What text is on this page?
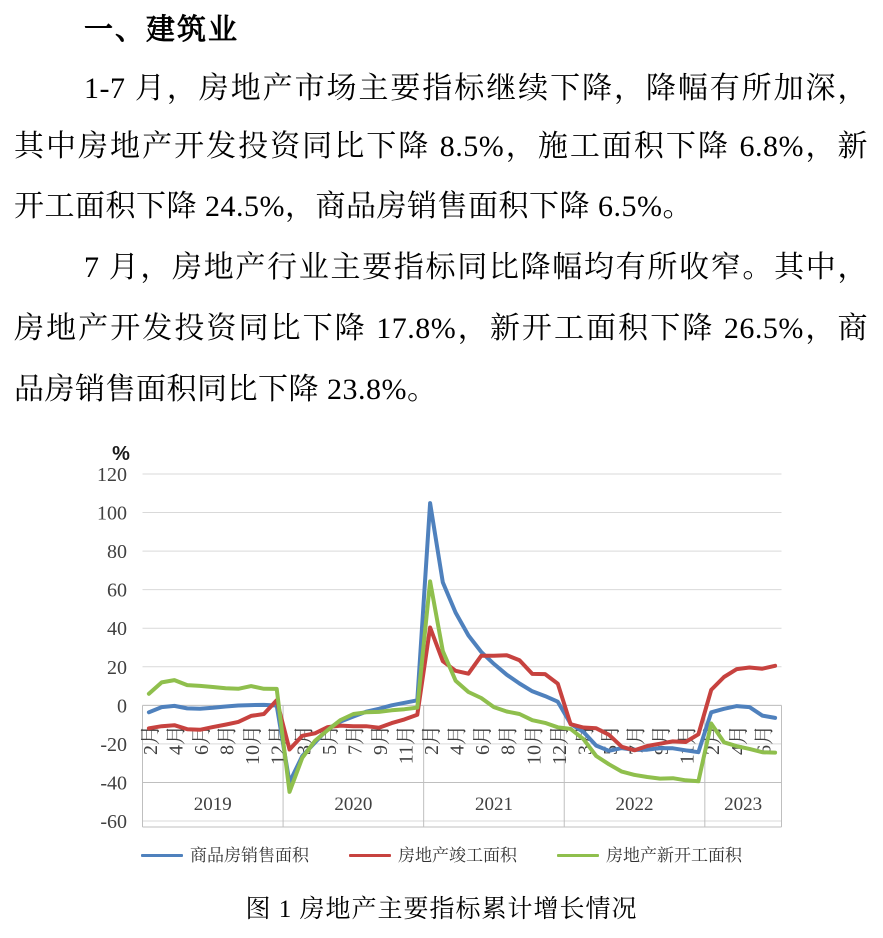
一、建筑业
1-7 月，房地产市场主要指标继续下降，降幅有所加深，
其中房地产开发投资同比下降 8.5%，施工面积下降 6.8%，新
开工面积下降 24.5%，商品房销售面积下降 6.5%。
7 月，房地产行业主要指标同比降幅均有所收窄。其中，
房地产开发投资同比下降 17.8%，新开工面积下降 26.5%，商
品房销售面积同比下降 23.8%。
-60
-40
-20
0
20
40
60
80
100
120
%
2月 4月 6月 8月 10月 12月 3月 5月 7月 9月 11月 2月 4月 6月 8月 10月 12月 3月 5月 7月 9月 11月 2月 4月 6月
2019	2020	2021	2022	2023
商品房销售面积	房地产竣工面积	房地产新开工面积
图 1 房地产主要指标累计增长情况
